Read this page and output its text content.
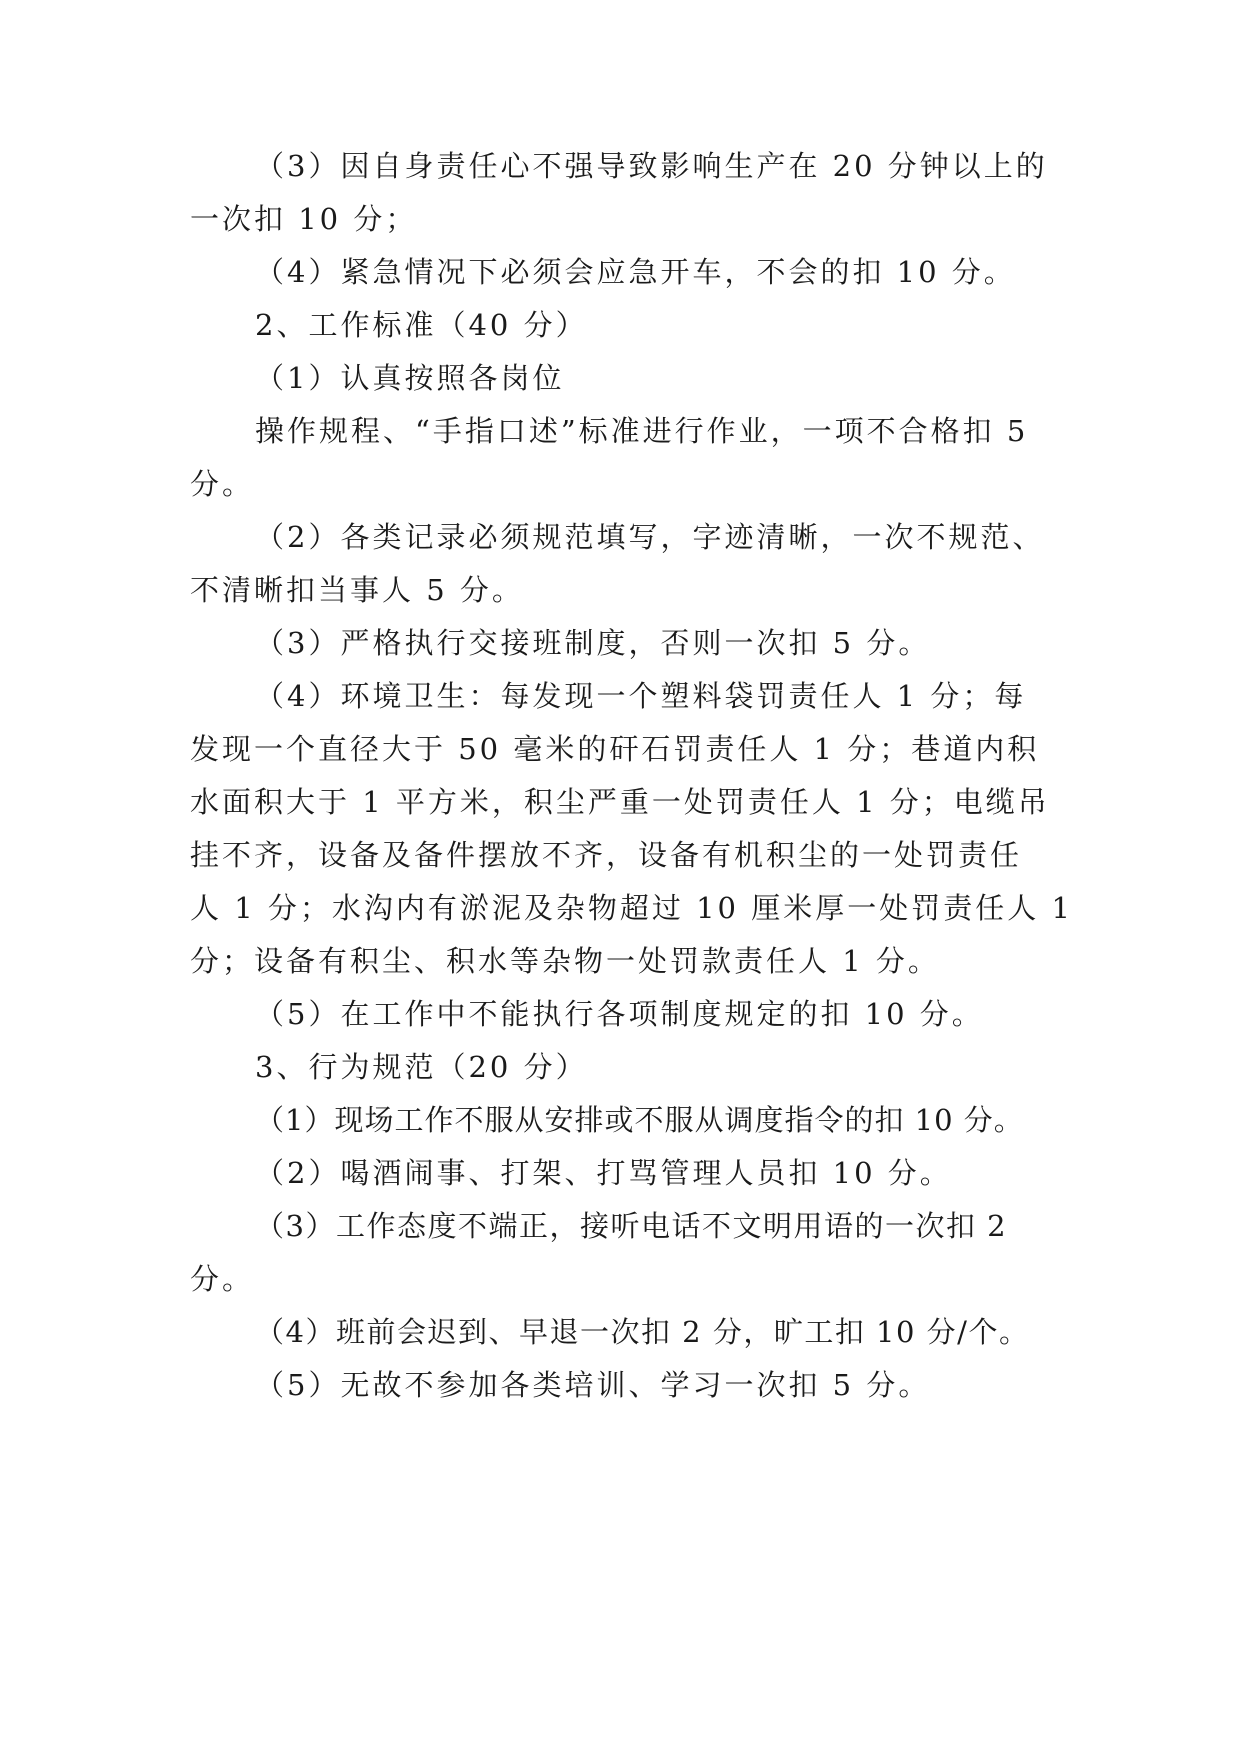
（3）因自身责任心不强导致影响生产在 20 分钟以上的
一次扣 10 分；
（4）紧急情况下必须会应急开车，不会的扣 10 分。
2、工作标准（40 分）
（1）认真按照各岗位
操作规程、“手指口述”标准进行作业，一项不合格扣 5
分。
（2）各类记录必须规范填写，字迹清晰，一次不规范、
不清晰扣当事人 5 分。
（3）严格执行交接班制度，否则一次扣 5 分。
（4）环境卫生：每发现一个塑料袋罚责任人 1 分；每
发现一个直径大于 50 毫米的矸石罚责任人 1 分；巷道内积
水面积大于 1 平方米，积尘严重一处罚责任人 1 分；电缆吊
挂不齐，设备及备件摆放不齐，设备有机积尘的一处罚责任
人 1 分；水沟内有淤泥及杂物超过 10 厘米厚一处罚责任人 1
分；设备有积尘、积水等杂物一处罚款责任人 1 分。
（5）在工作中不能执行各项制度规定的扣 10 分。
3、行为规范（20 分）
（1）现场工作不服从安排或不服从调度指令的扣 10 分。
（2）喝酒闹事、打架、打骂管理人员扣 10 分。
（3）工作态度不端正，接听电话不文明用语的一次扣 2
分。
（4）班前会迟到、早退一次扣 2 分，旷工扣 10 分/个。
（5）无故不参加各类培训、学习一次扣 5 分。
